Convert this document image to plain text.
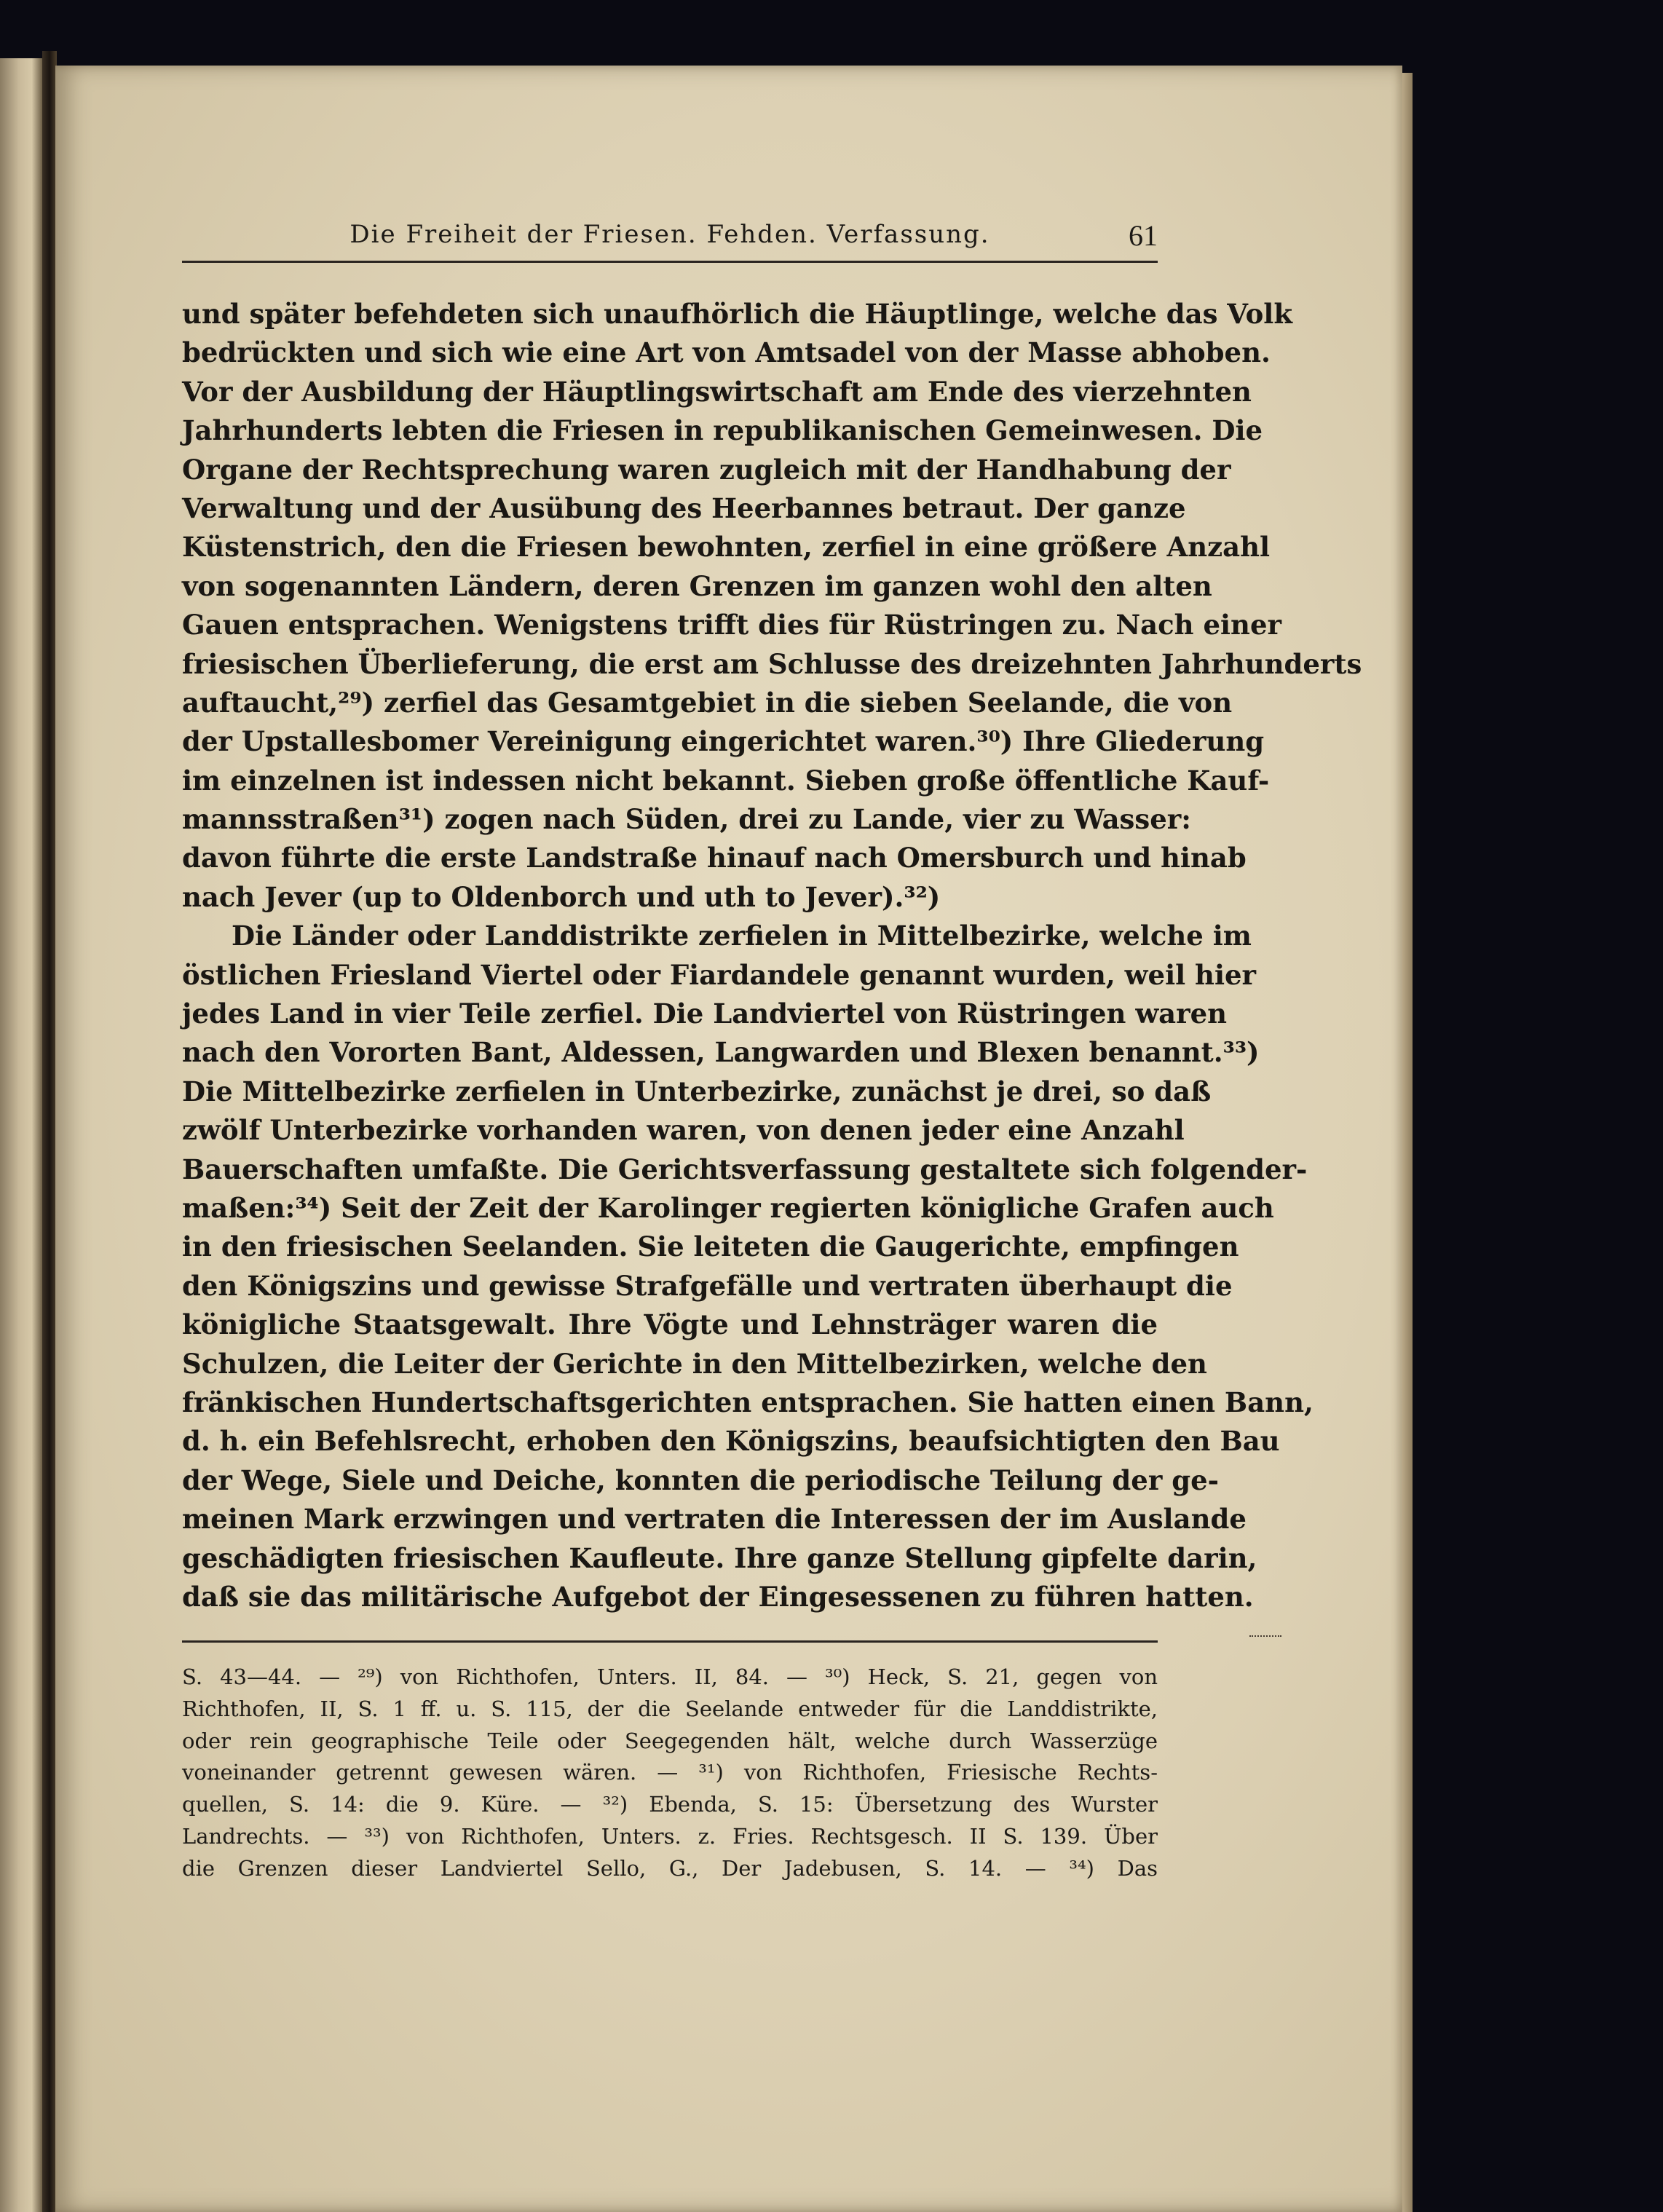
Die Freiheit der Friesen. Fehden. Verfassung.	61
und später befehdeten sich unaufhörlich die Häuptlinge, welche das Volk
bedrückten und sich wie eine Art von Amtsadel von der Masse abhoben.
Vor der Ausbildung der Häuptlingswirtschaft am Ende des vierzehnten
Jahrhunderts lebten die Friesen in republikanischen Gemeinwesen. Die
Organe der Rechtsprechung waren zugleich mit der Handhabung der
Verwaltung und der Ausübung des Heerbannes betraut. Der ganze
Küstenstrich, den die Friesen bewohnten, zerfiel in eine größere Anzahl
von sogenannten Ländern, deren Grenzen im ganzen wohl den alten
Gauen entsprachen. Wenigstens trifft dies für Rüstringen zu. Nach einer
friesischen Überlieferung, die erst am Schlusse des dreizehnten Jahrhunderts
auftaucht,²⁹) zerfiel das Gesamtgebiet in die sieben Seelande, die von
der Upstallesbomer Vereinigung eingerichtet waren.³⁰) Ihre Gliederung
im einzelnen ist indessen nicht bekannt. Sieben große öffentliche Kauf-
mannsstraßen³¹) zogen nach Süden, drei zu Lande, vier zu Wasser:
davon führte die erste Landstraße hinauf nach Omersburch und hinab
nach Jever (up to Oldenborch und uth to Jever).³²)
Die Länder oder Landdistrikte zerfielen in Mittelbezirke, welche im
östlichen Friesland Viertel oder Fiardandele genannt wurden, weil hier
jedes Land in vier Teile zerfiel. Die Landviertel von Rüstringen waren
nach den Vororten Bant, Aldessen, Langwarden und Blexen benannt.³³)
Die Mittelbezirke zerfielen in Unterbezirke, zunächst je drei, so daß
zwölf Unterbezirke vorhanden waren, von denen jeder eine Anzahl
Bauerschaften umfaßte. Die Gerichtsverfassung gestaltete sich folgender-
maßen:³⁴) Seit der Zeit der Karolinger regierten königliche Grafen auch
in den friesischen Seelanden. Sie leiteten die Gaugerichte, empfingen
den Königszins und gewisse Strafgefälle und vertraten überhaupt die
königliche Staatsgewalt. Ihre Vögte und Lehnsträger waren die
Schulzen, die Leiter der Gerichte in den Mittelbezirken, welche den
fränkischen Hundertschaftsgerichten entsprachen. Sie hatten einen Bann,
d. h. ein Befehlsrecht, erhoben den Königszins, beaufsichtigten den Bau
der Wege, Siele und Deiche, konnten die periodische Teilung der ge-
meinen Mark erzwingen und vertraten die Interessen der im Auslande
geschädigten friesischen Kaufleute. Ihre ganze Stellung gipfelte darin,
daß sie das militärische Aufgebot der Eingesessenen zu führen hatten.
S. 43—44. — ²⁹) von Richthofen, Unters. II, 84. — ³⁰) Heck, S. 21, gegen von
Richthofen, II, S. 1 ff. u. S. 115, der die Seelande entweder für die Landdistrikte,
oder rein geographische Teile oder Seegegenden hält, welche durch Wasserzüge
voneinander getrennt gewesen wären. — ³¹) von Richthofen, Friesische Rechts-
quellen, S. 14: die 9. Küre. — ³²) Ebenda, S. 15: Übersetzung des Wurster
Landrechts. — ³³) von Richthofen, Unters. z. Fries. Rechtsgesch. II S. 139. Über
die Grenzen dieser Landviertel Sello, G., Der Jadebusen, S. 14. — ³⁴) Das
